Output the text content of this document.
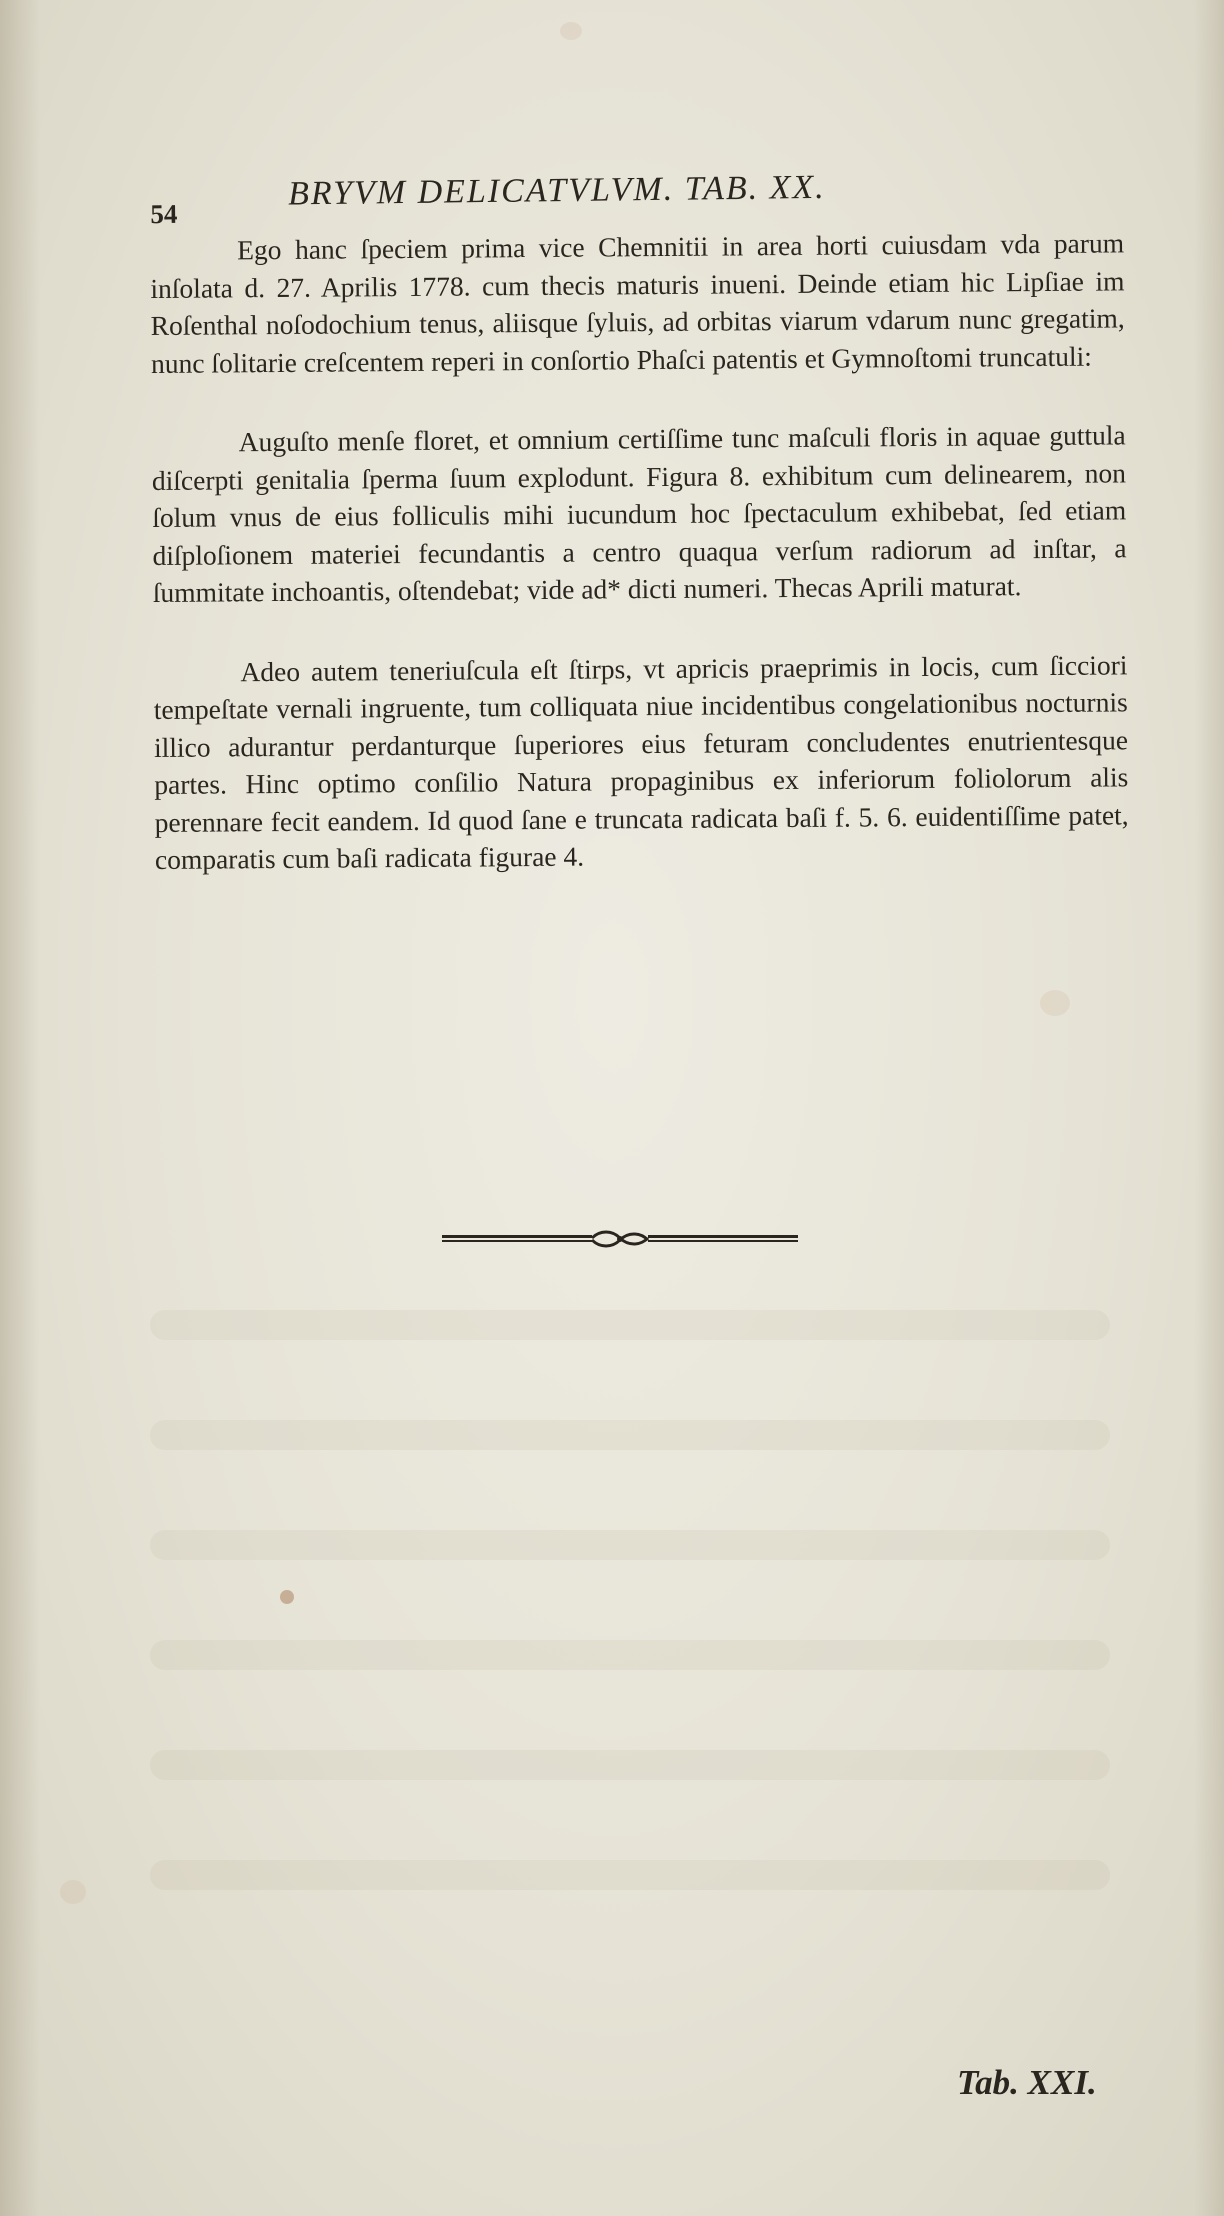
54
BRYVM DELICATVLVM. TAB. XX.

Ego hanc ſpeciem prima vice Chemnitii in area horti cuiusdam vda parum inſolata d. 27. Aprilis 1778. cum thecis maturis inueni. Deinde etiam hic Lipſiae im Roſenthal noſodochium tenus, aliisque ſyluis, ad orbitas viarum vdarum nunc gregatim, nunc ſolitarie creſcentem reperi in conſortio Phaſci patentis et Gymnoſtomi truncatuli:

Auguſto menſe floret, et omnium certiſſime tunc maſculi floris in aquae guttula diſcerpti genitalia ſperma ſuum explodunt. Figura 8. exhibitum cum delinearem, non ſolum vnus de eius folliculis mihi iucundum hoc ſpectaculum exhibebat, ſed etiam diſploſionem materiei fecundantis a centro quaqua verſum radiorum ad inſtar, a ſummitate inchoantis, oſtendebat; vide ad* dicti numeri. Thecas Aprili maturat.

Adeo autem teneriuſcula eſt ſtirps, vt apricis praeprimis in locis, cum ſicciori tempeſtate vernali ingruente, tum colliquata niue incidentibus congelationibus nocturnis illico adurantur perdanturque ſuperiores eius feturam concludentes enutrientesque partes. Hinc optimo conſilio Natura propaginibus ex inferiorum foliolorum alis perennare fecit eandem. Id quod ſane e truncata radicata baſi f. 5. 6. euidentiſſime patet, comparatis cum baſi radicata figurae 4.

Tab. XXI.
